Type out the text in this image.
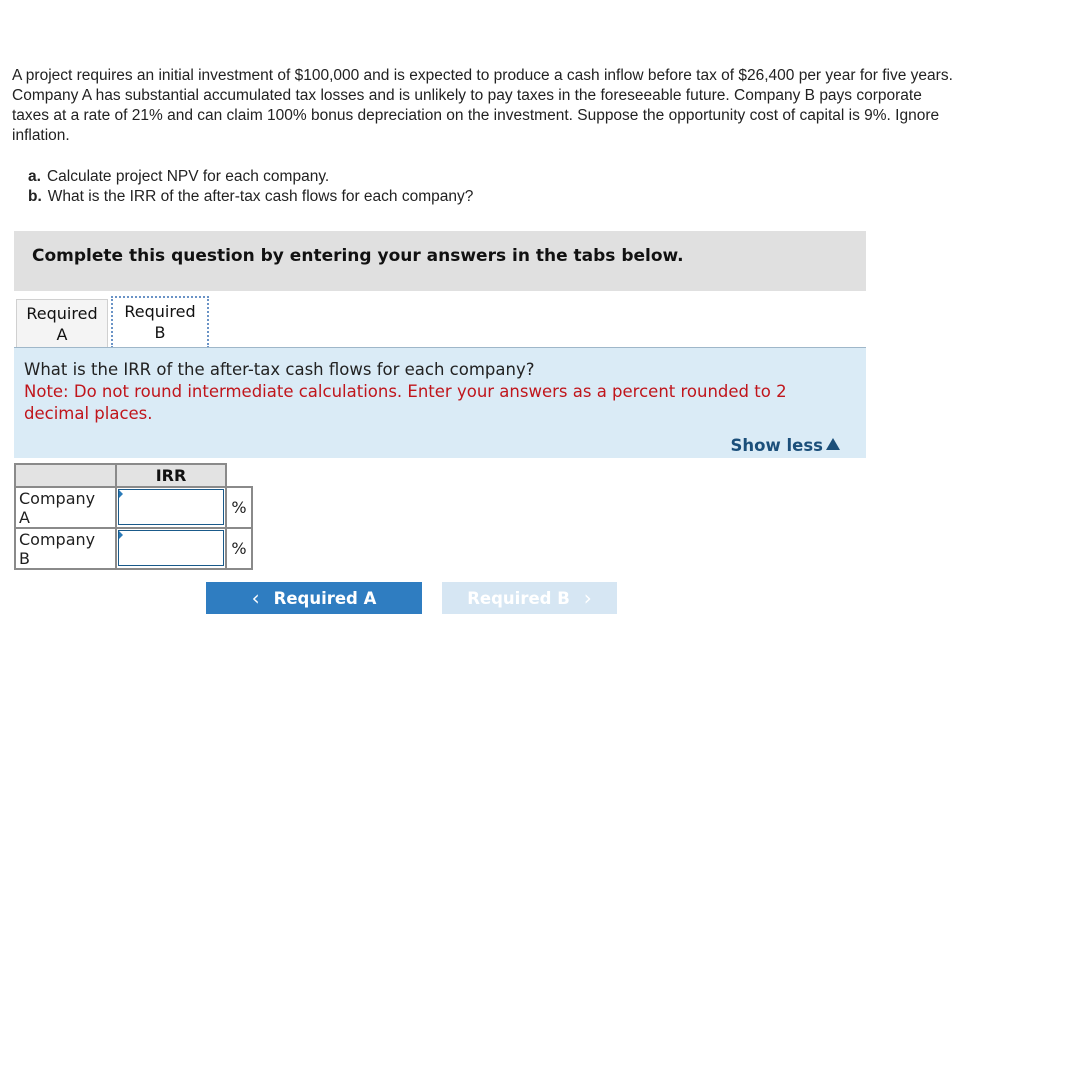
A project requires an initial investment of $100,000 and is expected to produce a cash inflow before tax of $26,400 per year for five years. Company A has substantial accumulated tax losses and is unlikely to pay taxes in the foreseeable future. Company B pays corporate taxes at a rate of 21% and can claim 100% bonus depreciation on the investment. Suppose the opportunity cost of capital is 9%. Ignore inflation.

a. Calculate project NPV for each company.
b. What is the IRR of the after-tax cash flows for each company?
Complete this question by entering your answers in the tabs below.
Required
A
Required
B
What is the IRR of the after-tax cash flows for each company?
Note: Do not round intermediate calculations. Enter your answers as a percent rounded to 2 decimal places.
Show less
	IRR	

Company
A		%

Company
B		%
‹ Required A	Required B ›
